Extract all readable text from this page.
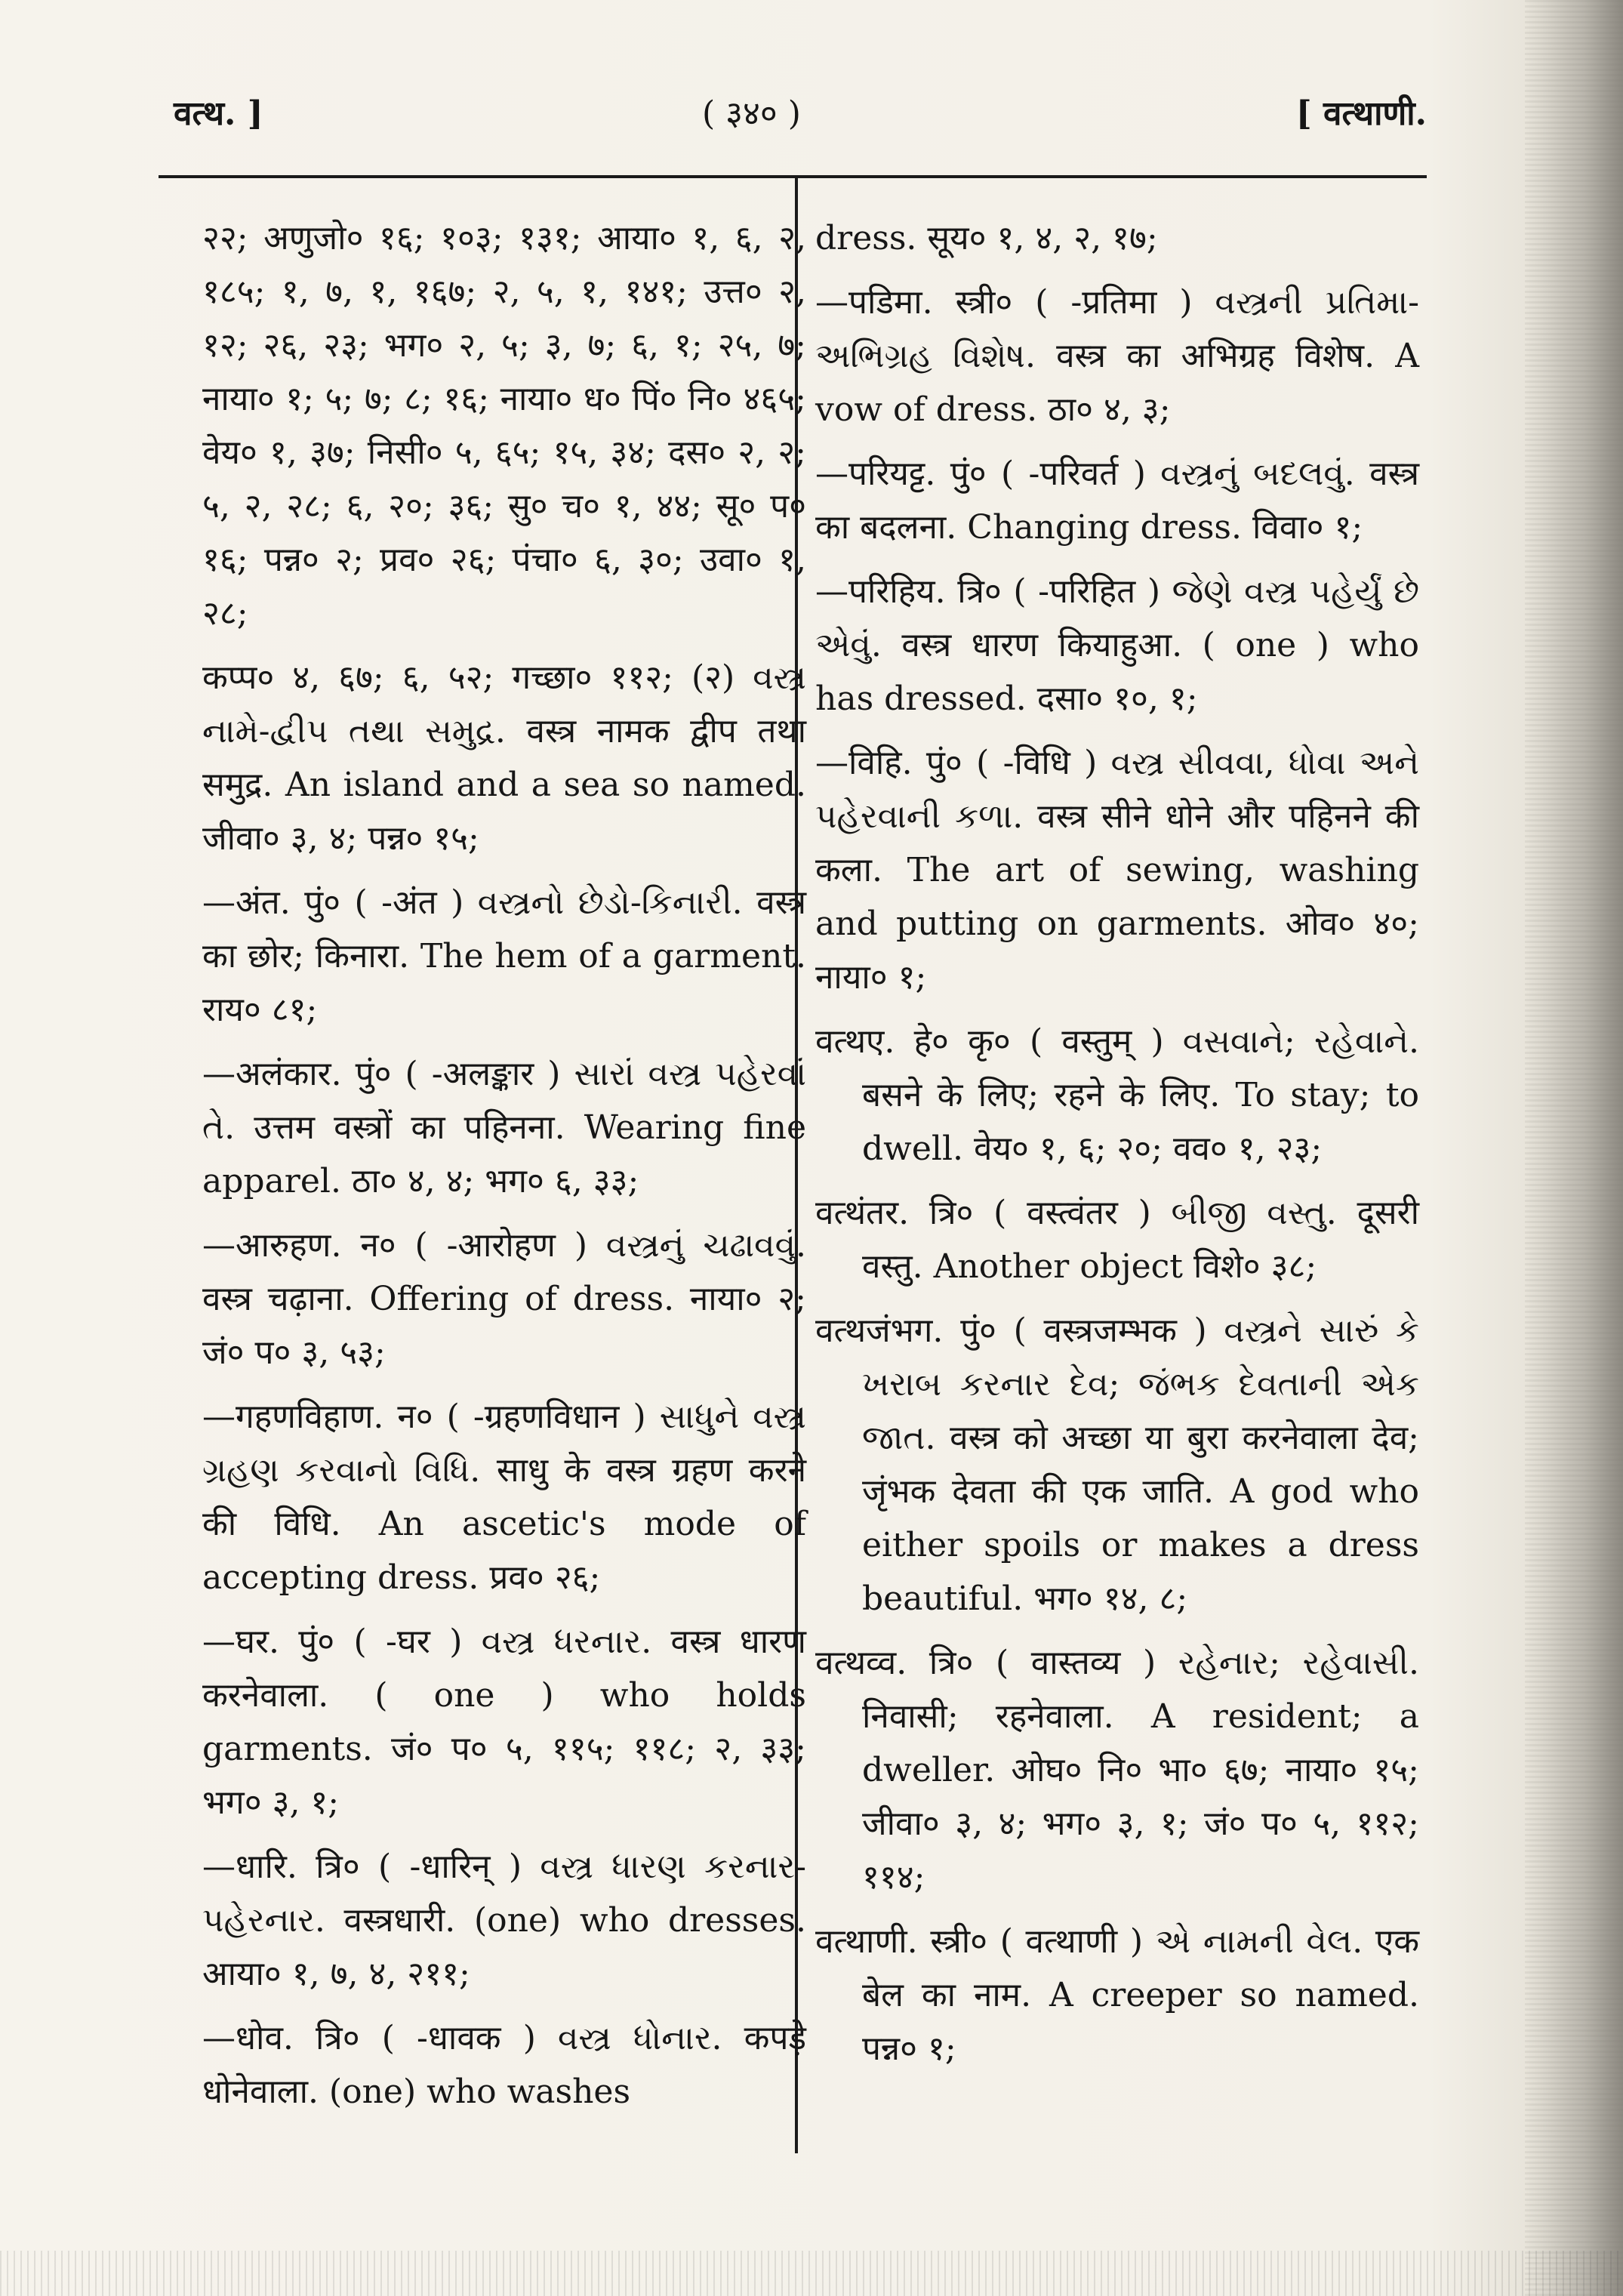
वत्थ. ]	( ३४० )	[ वत्थाणी.

२२; अणुजो० १६; १०३; १३१; आया० १, ६, २, १८५; १, ७, १, १६७; २, ५, १, १४१; उत्त० २, १२; २६, २३; भग० २, ५; ३, ७; ६, १; २५, ७; नाया० १; ५; ७; ८; १६; नाया० ध० पिं० नि० ४६५; वेय० १, ३७; निसी० ५, ६५; १५, ३४; दस० २, २; ५, २, २८; ६, २०; ३६; सु० च० १, ४४; सू० प० १६; पन्न० २; प्रव० २६; पंचा० ६, ३०; उवा० १, २८;

कप्प० ४, ६७; ६, ५२; गच्छा० ११२; (२) વસ્ત્ર નામે-દ્વીપ તથા સમુદ્ર. वस्त्र नामक द्वीप तथा समुद्र. An island and a sea so named. जीवा० ३, ४; पन्न० १५;

—अंत. पुं० ( -अंत ) વસ્ત્રનો છેડો-કિનારી. वस्त्र का छोर; किनारा. The hem of a garment. राय० ८१;

—अलंकार. पुं० ( -अलङ्कार ) સારાં વસ્ત્ર પહેરવાં તે. उत्तम वस्त्रों का पहिनना. Wearing fine apparel. ठा० ४, ४; भग० ६, ३३;

—आरुहण. न० ( -आरोहण ) વસ્ત્રનું ચઢાવવું. वस्त्र चढ़ाना. Offering of dress. नाया० २; जं० प० ३, ५३;

—गहणविहाण. न० ( -ग्रहणविधान ) સાધુને વસ્ત્ર ગ્રહણ કરવાનો વિધિ. साधु के वस्त्र ग्रहण करने की विधि. An ascetic's mode of accepting dress. प्रव० २६;

—घर. पुं० ( -घर ) વસ્ત્ર ધરનાર. वस्त्र धारण करनेवाला. ( one ) who holds garments. जं० प० ५, ११५; ११८; २, ३३; भग० ३, १;

—धारि. त्रि० ( -धारिन् ) વસ્ત્ર ધારણ કરનાર-પહેરનાર. वस्त्रधारी. (one) who dresses. आया० १, ७, ४, २११;

—धोव. त्रि० ( -धावक ) વસ્ત્ર ધોનાર. कपड़े धोनेवाला. (one) who washes

dress. सूय० १, ४, २, १७;

—पडिमा. स्त्री० ( -प्रतिमा ) વસ્ત્રની પ્રતિમા-અભિગ્રહ વિશેષ. वस्त्र का अभिग्रह विशेष. A vow of dress. ठा० ४, ३;

—परियट्ट. पुं० ( -परिवर्त ) વસ્ત્રનું બદલવું. वस्त्र का बदलना. Changing dress. विवा० १;

—परिहिय. त्रि० ( -परिहित ) જેણે વસ્ત્ર પહેર્યું છે એવું. वस्त्र धारण कियाहुआ. ( one ) who has dressed. दसा० १०, १;

—विहि. पुं० ( -विधि ) વસ્ત્ર સીવવા, ધોવા અને પહેરવાની કળા. वस्त्र सीने धोने और पहिनने की कला. The art of sewing, washing and putting on garments. ओव० ४०; नाया० १;

वत्थए. हे० कृ० ( वस्तुम् ) વસવાને; રહેવાને. बसने के लिए; रहने के लिए. To stay; to dwell. वेय० १, ६; २०; वव० १, २३;

वत्थंतर. त्रि० ( वस्त्वंतर ) બીજી વસ્તુ. दूसरी वस्तु. Another object विशे० ३८;

वत्थजंभग. पुं० ( वस्त्रजम्भक ) વસ્ત્રને સારું કે ખરાબ કરનાર દેવ; જંભક દેવતાની એક જાત. वस्त्र को अच्छा या बुरा करनेवाला देव; जृंभक देवता की एक जाति. A god who either spoils or makes a dress beautiful. भग० १४, ८;

वत्थव्व. त्रि० ( वास्तव्य ) રહેનાર; રહેવાસી. निवासी; रहनेवाला. A resident; a dweller. ओघ० नि० भा० ६७; नाया० १५; जीवा० ३, ४; भग० ३, १; जं० प० ५, ११२; ११४;

वत्थाणी. स्त्री० ( वत्थाणी ) એ નામની વેલ. एक बेल का नाम. A creeper so named. पन्न० १;
